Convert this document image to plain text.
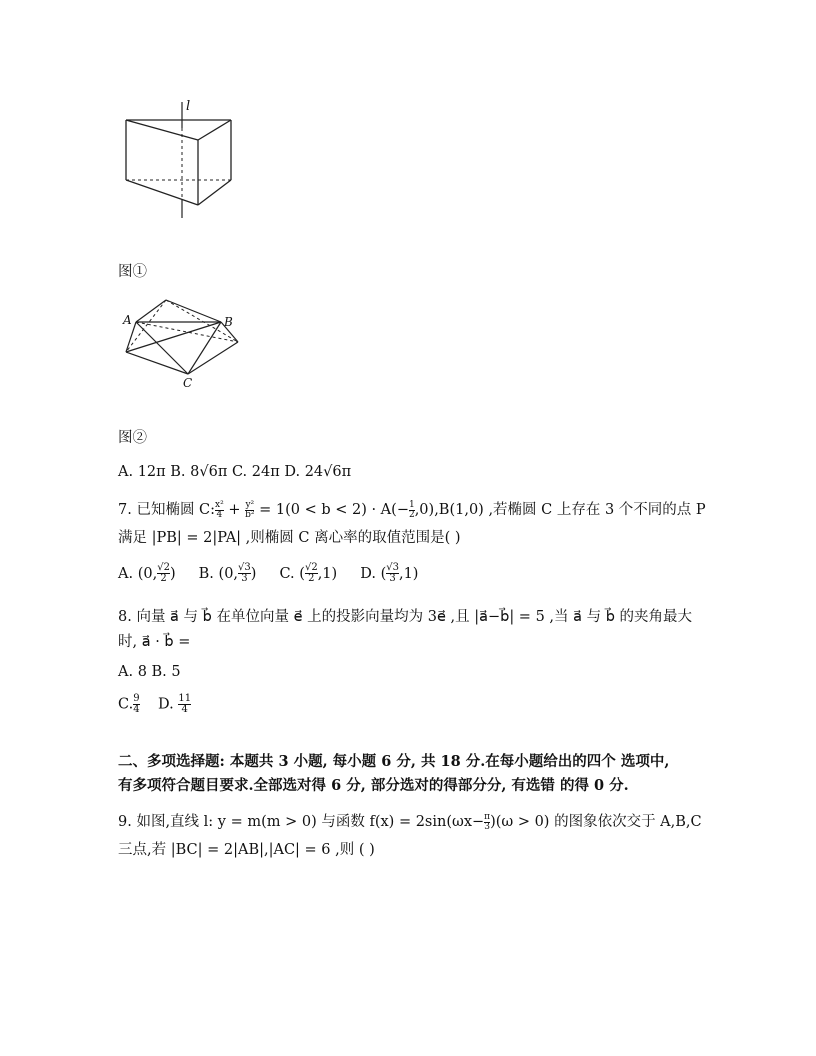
l
图①
A	B
C
图②
A. 12π B. 8√6π C. 24π D. 24√6π
7. 已知椭圆 C: $\frac{\text{x²}}{4} + \frac{\text{y²}}{\text{b²}} = 1(0 < b < 2) \cdot A(- \frac{1}{2} ,0),B(1,0)$ ,若椭圆 C 上存在 3 个不同的点 P
满足 |PB| = 2|PA| ,则椭圆 C 离心率的取值范围是( )
A. (0, $\frac{√2}{2}$ ) B. (0, $\frac{√3}{3}$ ) C. ( $\frac{√2}{2} ,1$) D. ( $\frac{√3}{3} ,1$)
8. 向量 a⃗ 与 b⃗ 在单位向量 e⃗ 上的投影向量均为 3e⃗ ,且 |a⃗−b⃗| = 5 ,当 a⃗ 与 b⃗ 的夹角最大
时, a⃗ · b⃗ =
A. 8 B. 5
C. $\frac{9}{4} D$. $\frac{11}{4}$
二、多项选择题: 本题共 3 小题, 每小题 6 分, 共 18 分.在每小题给出的四个 选项中,
有多项符合题目要求.全部选对得 6 分, 部分选对的得部分分, 有选错 的得 0 分.
9. 如图,直线 l: y = m(m > 0) 与函数 $f(x) = 2\sin(\omega x- \frac{\pi}{3} )(\omega > 0)$ 的图象依次交于 A,B,C
三点,若 |BC| = 2|AB|,|AC| = 6 ,则 ( )
